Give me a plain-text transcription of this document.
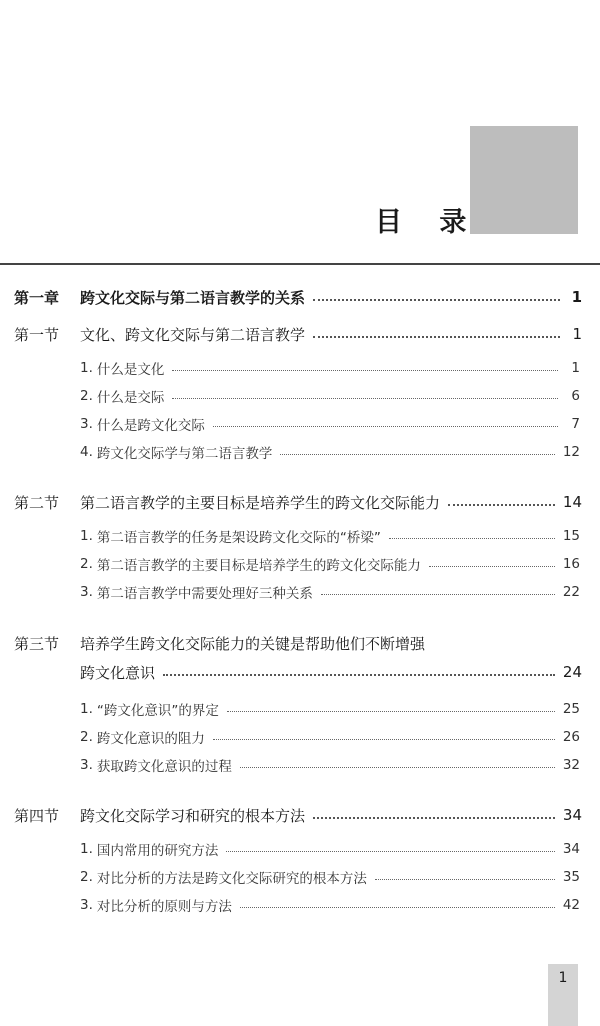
目 录
第一章	跨文化交际与第二语言教学的关系	1
第一节	文化、跨文化交际与第二语言教学	1
1. 什么是文化	1
2. 什么是交际	6
3. 什么是跨文化交际	7
4. 跨文化交际学与第二语言教学	12
第二节	第二语言教学的主要目标是培养学生的跨文化交际能力	14
1. 第二语言教学的任务是架设跨文化交际的“桥梁”	15
2. 第二语言教学的主要目标是培养学生的跨文化交际能力	16
3. 第二语言教学中需要处理好三种关系	22
第三节	培养学生跨文化交际能力的关键是帮助他们不断增强
跨文化意识	24
1. “跨文化意识”的界定	25
2. 跨文化意识的阻力	26
3. 获取跨文化意识的过程	32
第四节	跨文化交际学习和研究的根本方法	34
1. 国内常用的研究方法	34
2. 对比分析的方法是跨文化交际研究的根本方法	35
3. 对比分析的原则与方法	42
1
